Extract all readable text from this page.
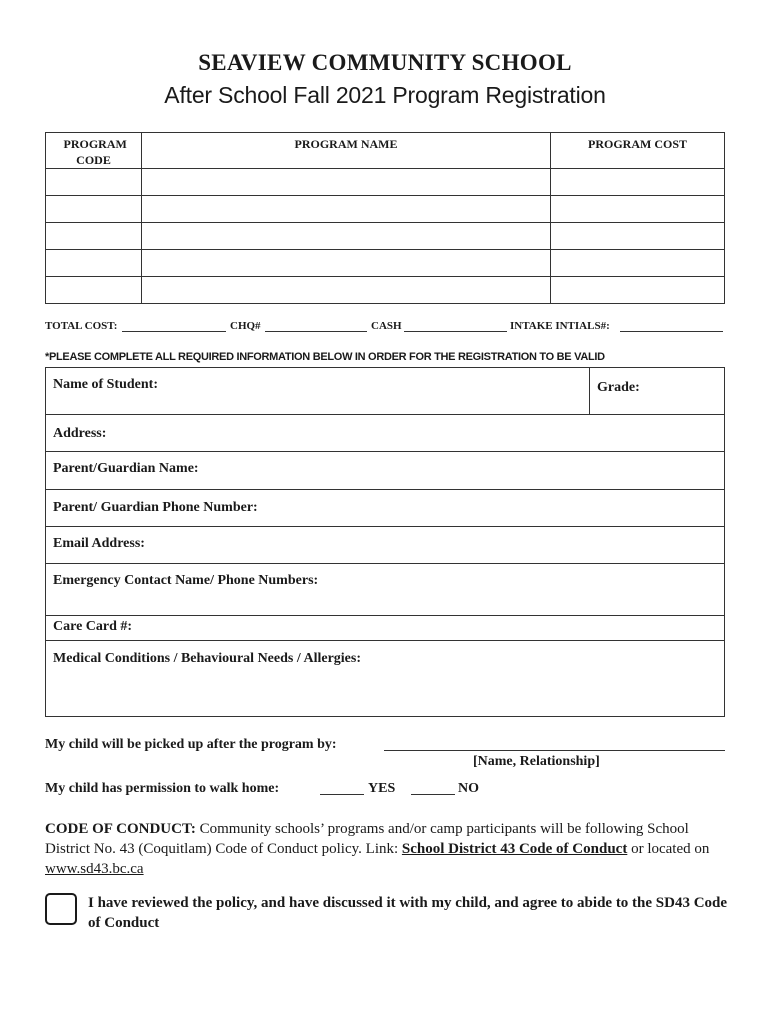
SEAVIEW COMMUNITY SCHOOL
After School Fall 2021 Program Registration
PROGRAM CODE	PROGRAM NAME	PROGRAM COST

TOTAL COST:	CHQ#	CASH	INTAKE INTIALS#:
*PLEASE COMPLETE ALL REQUIRED INFORMATION BELOW IN ORDER FOR THE REGISTRATION TO BE VALID
Name of Student:	Grade:
Address:
Parent/Guardian Name:
Parent/ Guardian Phone Number:
Email Address:
Emergency Contact Name/ Phone Numbers:
Care Card #:
Medical Conditions / Behavioural Needs / Allergies:
My child will be picked up after the program by:
[Name, Relationship]
My child has permission to walk home:	YES	NO
CODE OF CONDUCT: Community schools’ programs and/or camp participants will be following School District No. 43 (Coquitlam) Code of Conduct policy. Link: School District 43 Code of Conduct or located on www.sd43.bc.ca
I have reviewed the policy, and have discussed it with my child, and agree to abide to the SD43 Code of Conduct
